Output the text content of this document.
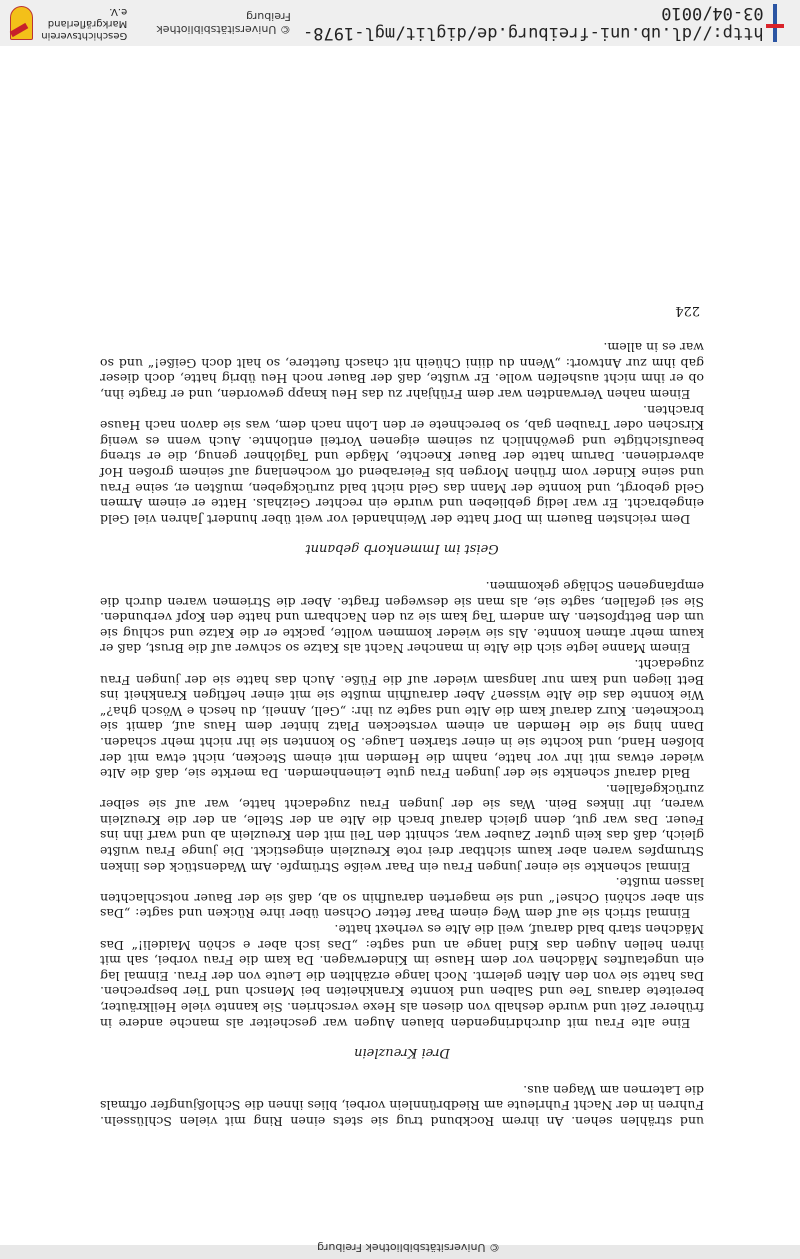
© Universitätsbibliothek Freiburg

und strählen sehen. An ihrem Rockbund trug sie stets einen Ring mit vielen Schlüsseln. Fuhren in der Nacht Fuhrleute am Riedbrünnlein vorbei, blies ihnen die Schloßjungfer oftmals die Laternen am Wagen aus.

Drei Kreuzlein

Eine alte Frau mit durchdringenden blauen Augen war gescheiter als manche andere in früherer Zeit und wurde deshalb von diesen als Hexe verschrien. Sie kannte viele Heilkräuter, bereitete daraus Tee und Salben und konnte Krankheiten bei Mensch und Tier besprechen. Das hatte sie von den Alten gelernt. Noch lange erzählten die Leute von der Frau. Einmal lag ein ungetauftes Mädchen vor dem Hause im Kinderwagen. Da kam die Frau vorbei, sah mit ihren hellen Augen das Kind lange an und sagte: „Das isch aber e schön Maideli!“ Das Mädchen starb bald darauf, weil die Alte es verhext hatte.

Einmal strich sie auf dem Weg einem Paar fetter Ochsen über ihre Rücken und sagte: „Das sin aber schöni Ochse!“ und sie magerten daraufhin so ab, daß sie der Bauer notschlachten lassen mußte.

Einmal schenkte sie einer jungen Frau ein Paar weiße Strümpfe. Am Wadenstück des linken Strumpfes waren aber kaum sichtbar drei rote Kreuzlein eingestickt. Die junge Frau wußte gleich, daß das kein guter Zauber war, schnitt den Teil mit den Kreuzlein ab und warf ihn ins Feuer. Das war gut, denn gleich darauf brach die Alte an der Stelle, an der die Kreuzlein waren, ihr linkes Bein. Was sie der jungen Frau zugedacht hatte, war auf sie selber zurückgefallen.

Bald darauf schenkte sie der jungen Frau gute Leinenhemden. Da merkte sie, daß die Alte wieder etwas mit ihr vor hatte, nahm die Hemden mit einem Stecken, nicht etwa mit der bloßen Hand, und kochte sie in einer starken Lauge. So konnten sie ihr nicht mehr schaden. Dann hing sie die Hemden an einem verstecken Platz hinter dem Haus auf, damit sie trockneten. Kurz darauf kam die Alte und sagte zu ihr: „Gell, Anneli, du hesch e Wösch gha?“ Wie konnte das die Alte wissen? Aber daraufhin mußte sie mit einer heftigen Krankheit ins Bett liegen und kam nur langsam wieder auf die Füße. Auch das hatte sie der jungen Frau zugedacht.

Einem Manne legte sich die Alte in mancher Nacht als Katze so schwer auf die Brust, daß er kaum mehr atmen konnte. Als sie wieder kommen wollte, packte er die Katze und schlug sie um den Bettpfosten. Am andern Tag kam sie zu den Nachbarn und hatte den Kopf verbunden. Sie sei gefallen, sagte sie, als man sie deswegen fragte. Aber die Striemen waren durch die empfangenen Schläge gekommen.

Geist im Immenkorb gebannt

Dem reichsten Bauern im Dorf hatte der Weinhandel vor weit über hundert Jahren viel Geld eingebracht. Er war ledig geblieben und wurde ein rechter Geizhals. Hatte er einem Armen Geld geborgt, und konnte der Mann das Geld nicht bald zurückgeben, mußten er, seine Frau und seine Kinder vom frühen Morgen bis Feierabend oft wochenlang auf seinem großen Hof abverdienen. Darum hatte der Bauer Knechte, Mägde und Taglöhner genug, die er streng beaufsichtigte und gewöhnlich zu seinem eigenen Vorteil entlohnte. Auch wenn es wenig Kirschen oder Trauben gab, so berechnete er den Lohn nach dem, was sie davon nach Hause brachten.

Einem nahen Verwandten war dem Frühjahr zu das Heu knapp geworden, und er fragte ihn, ob er ihm nicht aushelfen wolle. Er wußte, daß der Bauer noch Heu übrig hatte, doch dieser gab ihm zur Antwort: „Wenn du diini Chüeih nit chasch fuettere, so halt doch Geiße!“ und so war es in allem.

224
http://dl.ub.uni-freiburg.de/diglit/mgl-1978-03-04/0010
© Universitätsbibliothek Freiburg
Geschichtsverein
Markgräflerland e.V.
